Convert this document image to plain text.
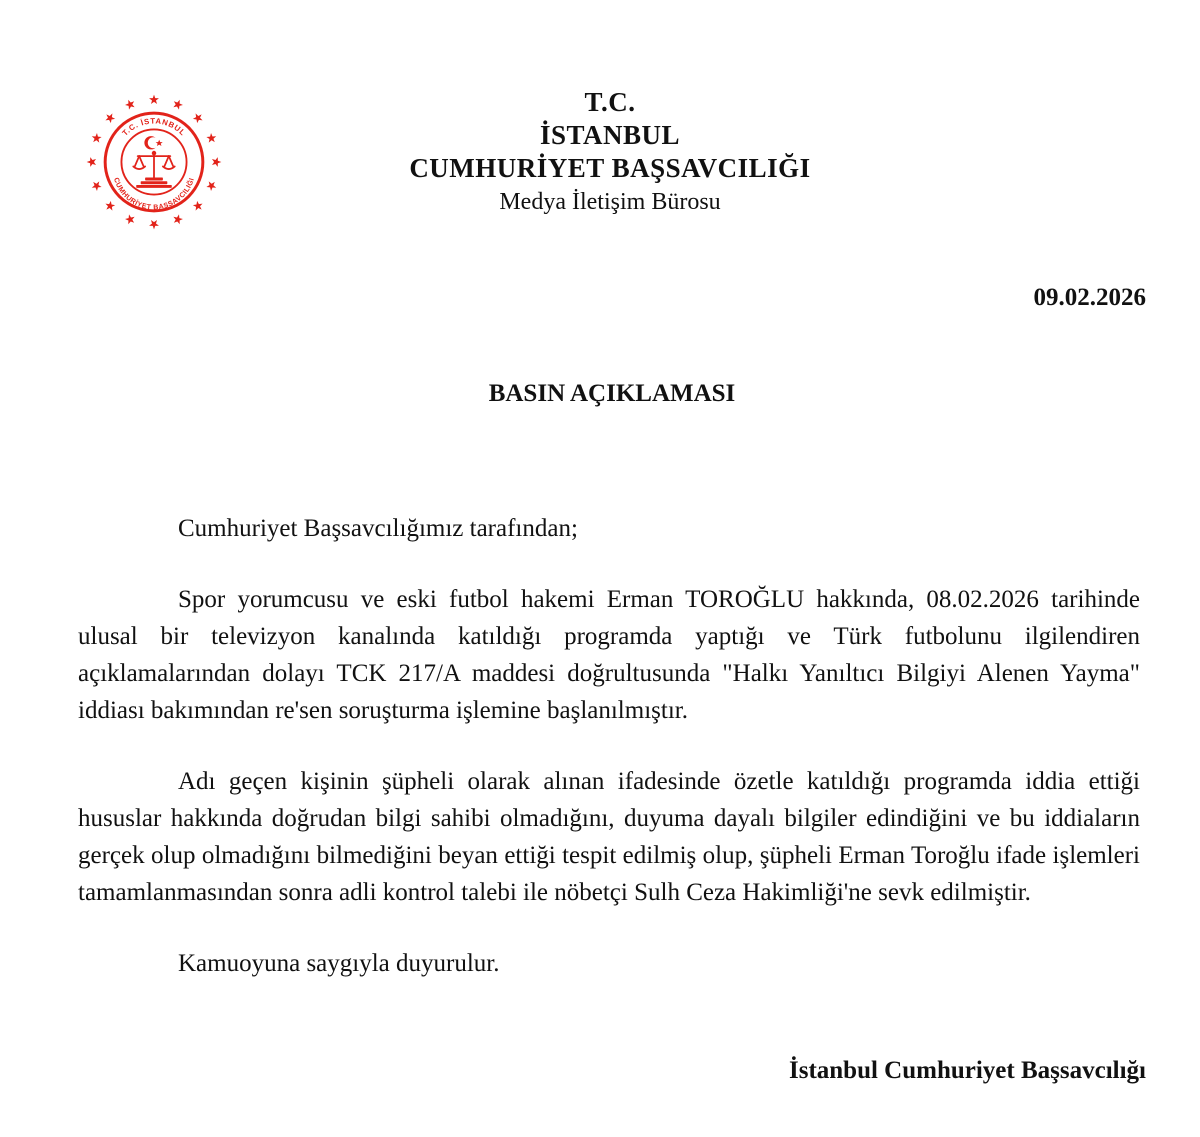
T.C. İSTANBUL
CUMHURİYET BAŞSAVCILIĞI
T.C.
İSTANBUL
CUMHURİYET BAŞSAVCILIĞI
Medya İletişim Bürosu
09.02.2026
BASIN AÇIKLAMASI

Cumhuriyet Başsavcılığımız tarafından;

Spor yorumcusu ve eski futbol hakemi Erman TOROĞLU hakkında, 08.02.2026 tarihinde ulusal bir televizyon kanalında katıldığı programda yaptığı ve Türk futbolunu ilgilendiren açıklamalarından dolayı TCK 217/A maddesi doğrultusunda "Halkı Yanıltıcı Bilgiyi Alenen Yayma" iddiası bakımından re'sen soruşturma işlemine başlanılmıştır.

Adı geçen kişinin şüpheli olarak alınan ifadesinde özetle katıldığı programda iddia ettiği hususlar hakkında doğrudan bilgi sahibi olmadığını, duyuma dayalı bilgiler edindiğini ve bu iddiaların gerçek olup olmadığını bilmediğini beyan ettiği tespit edilmiş olup, şüpheli Erman Toroğlu ifade işlemleri tamamlanmasından sonra adli kontrol talebi ile nöbetçi Sulh Ceza Hakimliği'ne sevk edilmiştir.

Kamuoyuna saygıyla duyurulur.

İstanbul Cumhuriyet Başsavcılığı
